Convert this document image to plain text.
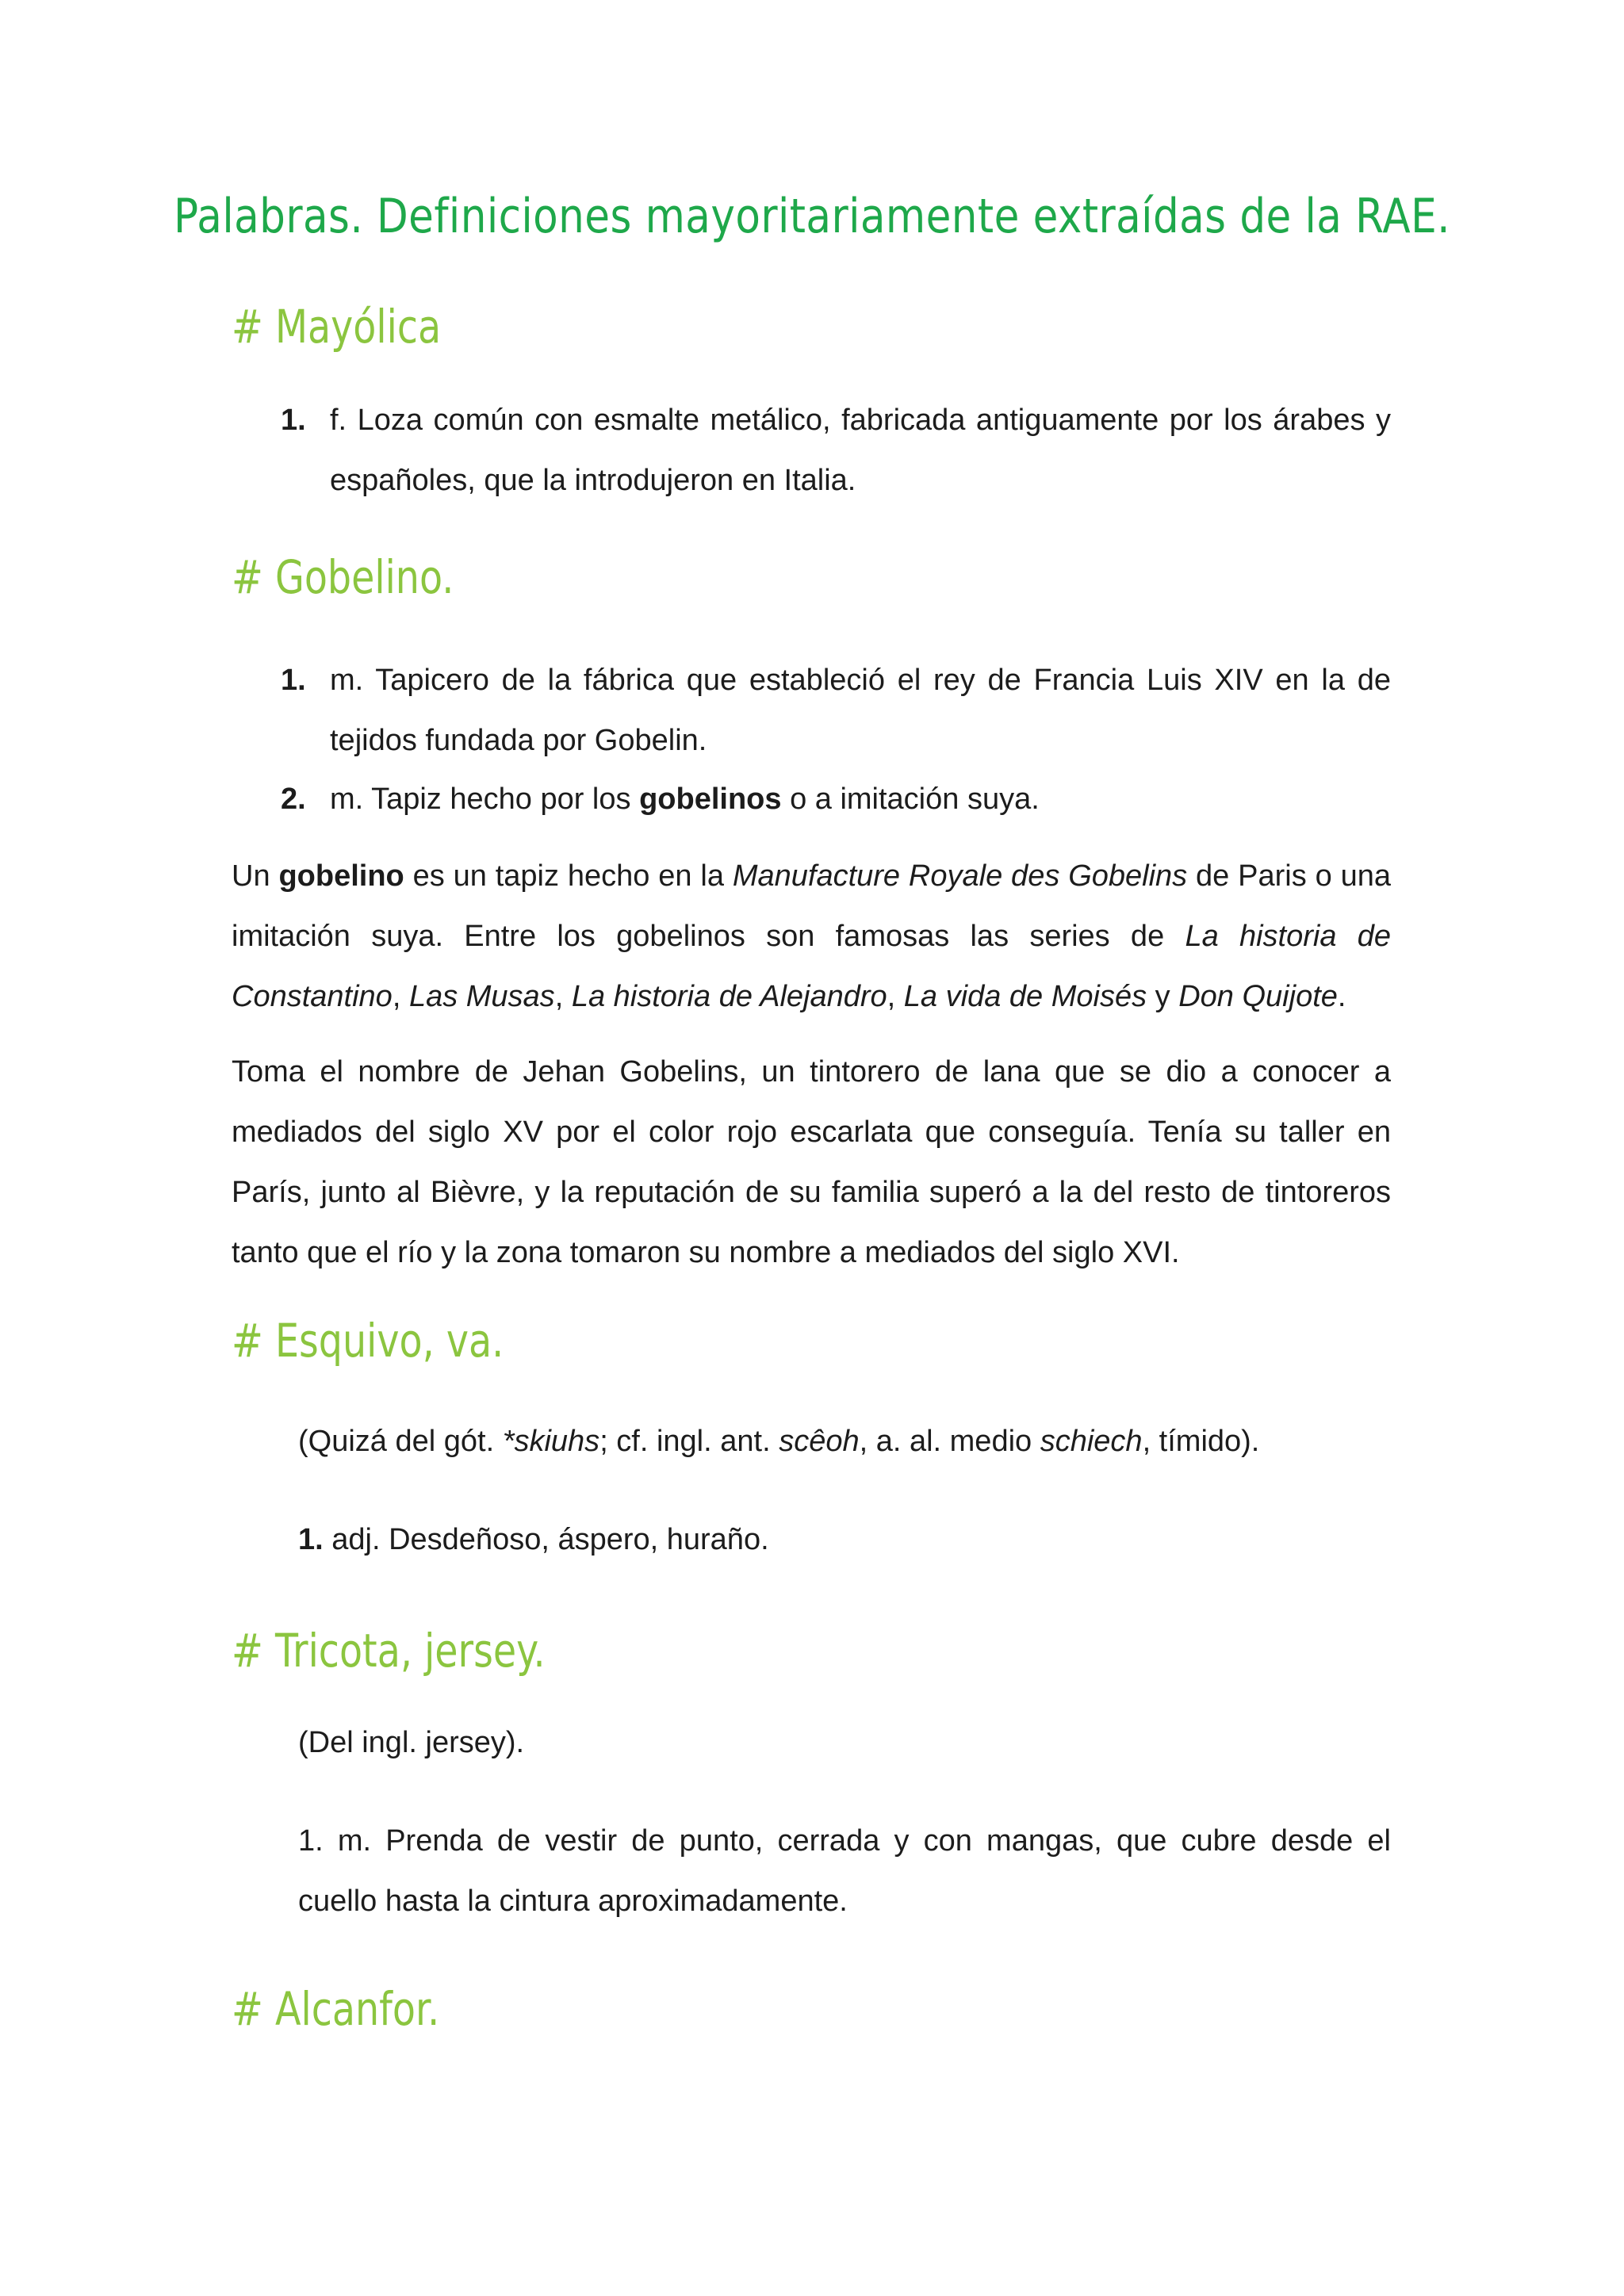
Palabras. Definiciones mayoritariamente extraídas de la RAE.
# Mayólica
1. f. Loza común con esmalte metálico, fabricada antiguamente por los árabes y españoles, que la introdujeron en Italia.
# Gobelino.
1. m. Tapicero de la fábrica que estableció el rey de Francia Luis XIV en la de tejidos fundada por Gobelin.
2. m. Tapiz hecho por los gobelinos o a imitación suya.
Un gobelino es un tapiz hecho en la Manufacture Royale des Gobelins de Paris o una imitación suya. Entre los gobelinos son famosas las series de La historia de Constantino, Las Musas, La historia de Alejandro, La vida de Moisés y Don Quijote.
Toma el nombre de Jehan Gobelins, un tintorero de lana que se dio a conocer a mediados del siglo XV por el color rojo escarlata que conseguía. Tenía su taller en París, junto al Bièvre, y la reputación de su familia superó a la del resto de tintoreros tanto que el río y la zona tomaron su nombre a mediados del siglo XVI.
# Esquivo, va.
(Quizá del gót. *skiuhs; cf. ingl. ant. scêoh, a. al. medio schiech, tímido).
1. adj. Desdeñoso, áspero, huraño.
# Tricota, jersey.
(Del ingl. jersey).
1. m. Prenda de vestir de punto, cerrada y con mangas, que cubre desde el cuello hasta la cintura aproximadamente.
# Alcanfor.
